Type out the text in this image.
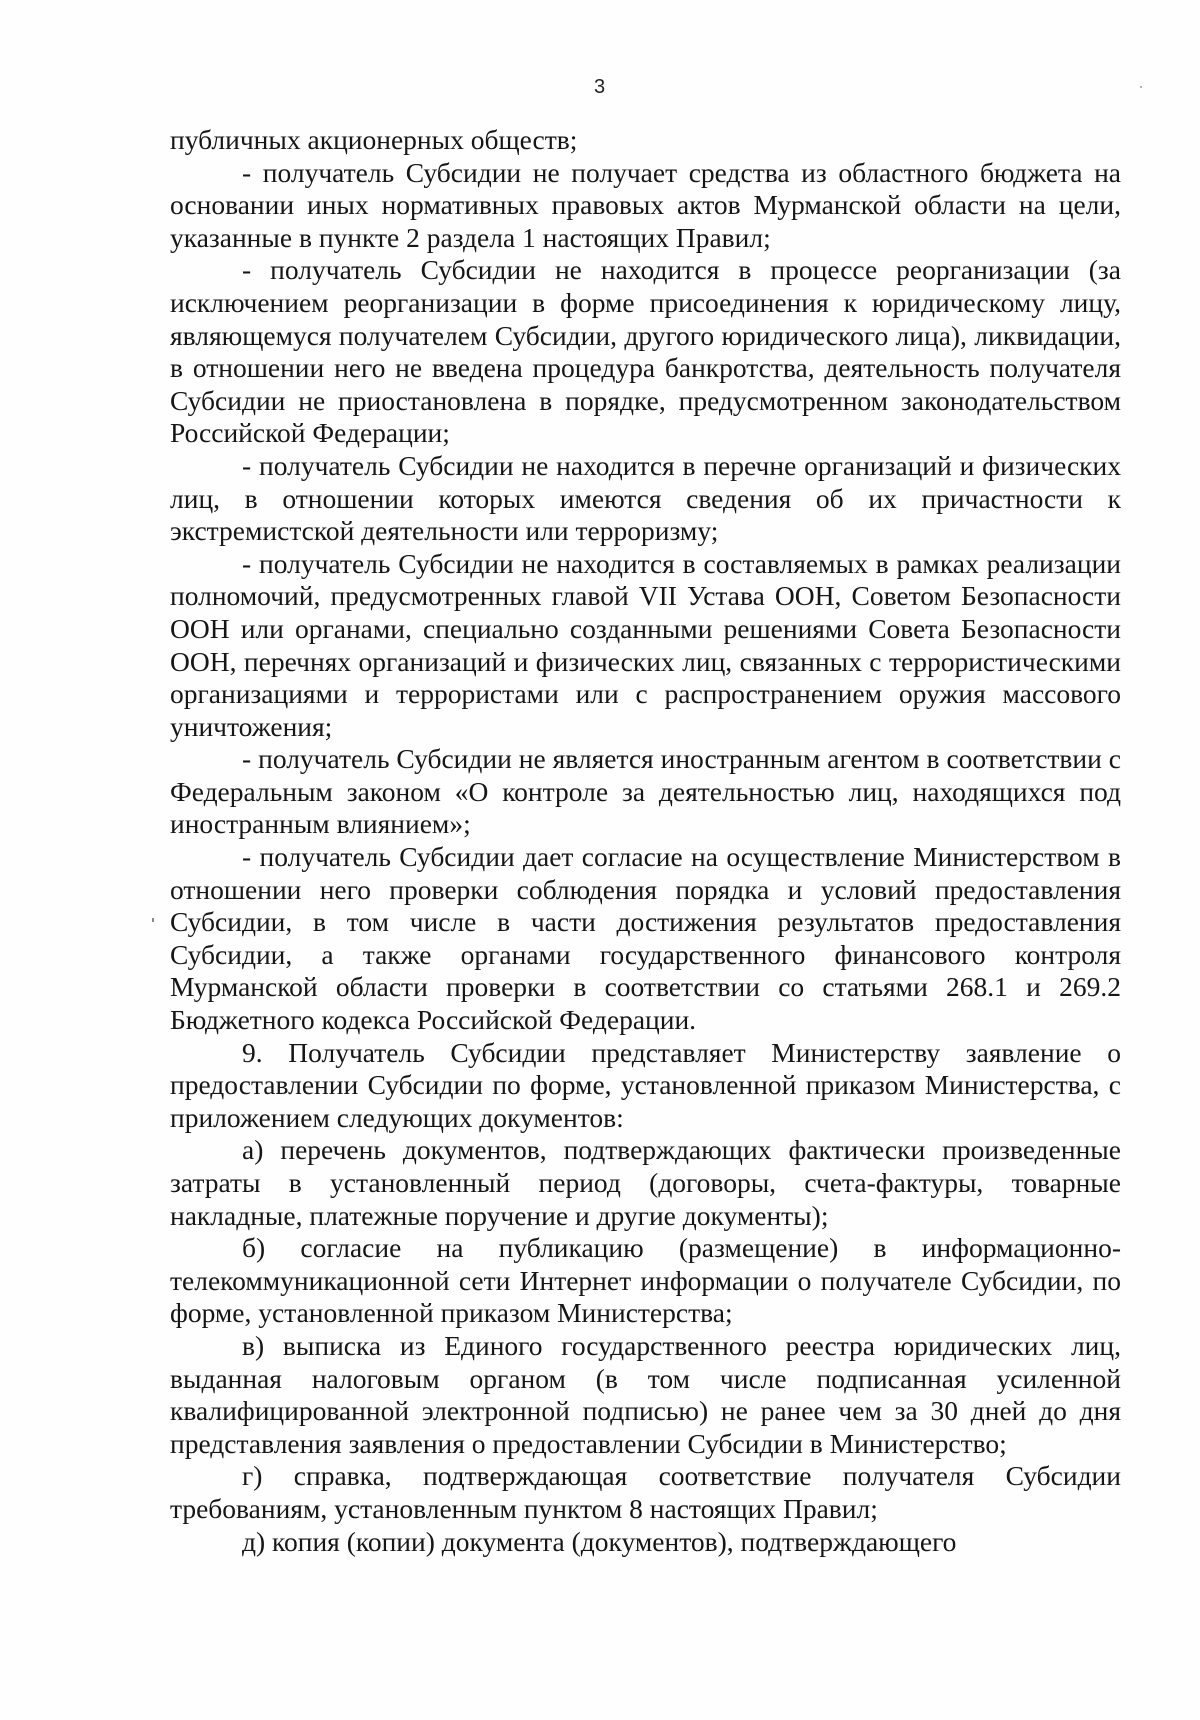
3

публичных акционерных обществ;

- получатель Субсидии не получает средства из областного бюджета на основании иных нормативных правовых актов Мурманской области на цели, указанные в пункте 2 раздела 1 настоящих Правил;

- получатель Субсидии не находится в процессе реорганизации (за исключением реорганизации в форме присоединения к юридическому лицу, являющемуся получателем Субсидии, другого юридического лица), ликвидации, в отношении него не введена процедура банкротства, деятельность получателя Субсидии не приостановлена в порядке, предусмотренном законодательством Российской Федерации;

- получатель Субсидии не находится в перечне организаций и физических лиц, в отношении которых имеются сведения об их причастности к экстремистской деятельности или терроризму;

- получатель Субсидии не находится в составляемых в рамках реализации полномочий, предусмотренных главой VII Устава ООН, Советом Безопасности ООН или органами, специально созданными решениями Совета Безопасности ООН, перечнях организаций и физических лиц, связанных с террористическими организациями и террористами или с распространением оружия массового уничтожения;

- получатель Субсидии не является иностранным агентом в соответствии с Федеральным законом «О контроле за деятельностью лиц, находящихся под иностранным влиянием»;

- получатель Субсидии дает согласие на осуществление Министерством в отношении него проверки соблюдения порядка и условий предоставления Субсидии, в том числе в части достижения результатов предоставления Субсидии, а также органами государственного финансового контроля Мурманской области проверки в соответствии со статьями 268.1 и 269.2 Бюджетного кодекса Российской Федерации.

9. Получатель Субсидии представляет Министерству заявление о предоставлении Субсидии по форме, установленной приказом Министерства, с приложением следующих документов:

а) перечень документов, подтверждающих фактически произведенные затраты в установленный период (договоры, счета-фактуры, товарные накладные, платежные поручение и другие документы);

б) согласие на публикацию (размещение) в информационно-телекоммуникационной сети Интернет информации о получателе Субсидии, по форме, установленной приказом Министерства;

в) выписка из Единого государственного реестра юридических лиц, выданная налоговым органом (в том числе подписанная усиленной квалифицированной электронной подписью) не ранее чем за 30 дней до дня представления заявления о предоставлении Субсидии в Министерство;

г) справка, подтверждающая соответствие получателя Субсидии требованиям, установленным пунктом 8 настоящих Правил;

д) копия (копии) документа (документов), подтверждающего
